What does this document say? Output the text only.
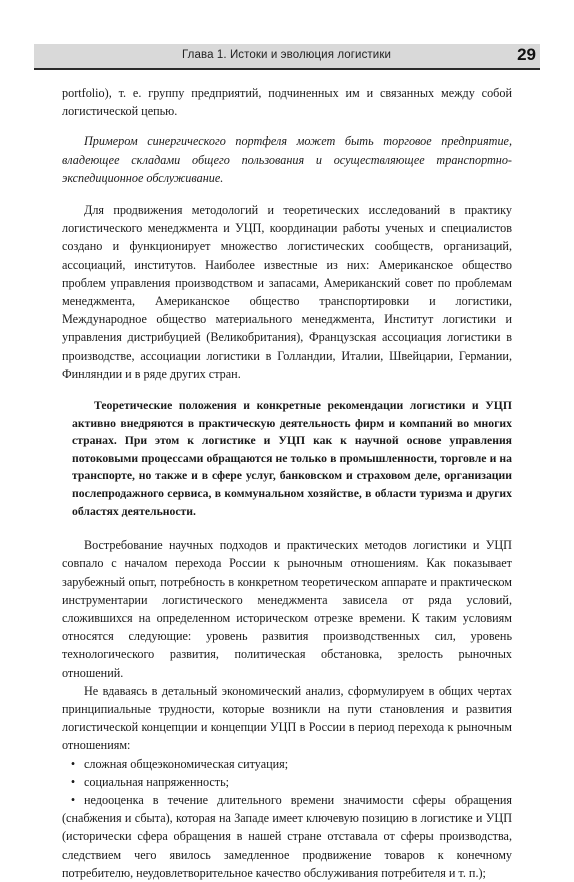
Глава 1. Истоки и эволюция логистики	29

portfolio), т. е. группу предприятий, подчиненных им и связанных между собой логистической цепью.

Примером синергического портфеля может быть торговое предприятие, владеющее складами общего пользования и осуществляющее транспортно-экспедиционное обслуживание.

Для продвижения методологий и теоретических исследований в практику логистического менеджмента и УЦП, координации работы ученых и специалистов создано и функционирует множество логистических сообществ, организаций, ассоциаций, институтов. Наиболее известные из них: Американское общество проблем управления производством и запасами, Американский совет по проблемам менеджмента, Американское общество транспортировки и логистики, Международное общество материального менеджмента, Институт логистики и управления дистрибуцией (Великобритания), Французская ассоциация логистики в производстве, ассоциации логистики в Голландии, Италии, Швейцарии, Германии, Финляндии и в ряде других стран.

Теоретические положения и конкретные рекомендации логистики и УЦП активно внедряются в практическую деятельность фирм и компаний во многих странах. При этом к логистике и УЦП как к научной основе управления потоковыми процессами обращаются не только в промышленности, торговле и на транспорте, но также и в сфере услуг, банковском и страховом деле, организации послепродажного сервиса, в коммунальном хозяйстве, в области туризма и других областях деятельности.

Востребование научных подходов и практических методов логистики и УЦП совпало с началом перехода России к рыночным отношениям. Как показывает зарубежный опыт, потребность в конкретном теоретическом аппарате и практическом инструментарии логистического менеджмента зависела от ряда условий, сложившихся на определенном историческом отрезке времени. К таким условиям относятся следующие: уровень развития производственных сил, уровень технологического развития, политическая обстановка, зрелость рыночных отношений.

Не вдаваясь в детальный экономический анализ, сформулируем в общих чертах принципиальные трудности, которые возникли на пути становления и развития логистической концепции и концепции УЦП в России в период перехода к рыночным отношениям:

• сложная общеэкономическая ситуация;
• социальная напряженность;
• недооценка в течение длительного времени значимости сферы обращения (снабжения и сбыта), которая на Западе имеет ключевую позицию в логистике и УЦП (исторически сфера обращения в нашей стране отставала от сферы производства, следствием чего явилось замедленное продвижение товаров к конечному потребителю, неудовлетворительное качество обслуживания потребителя и т. п.);
